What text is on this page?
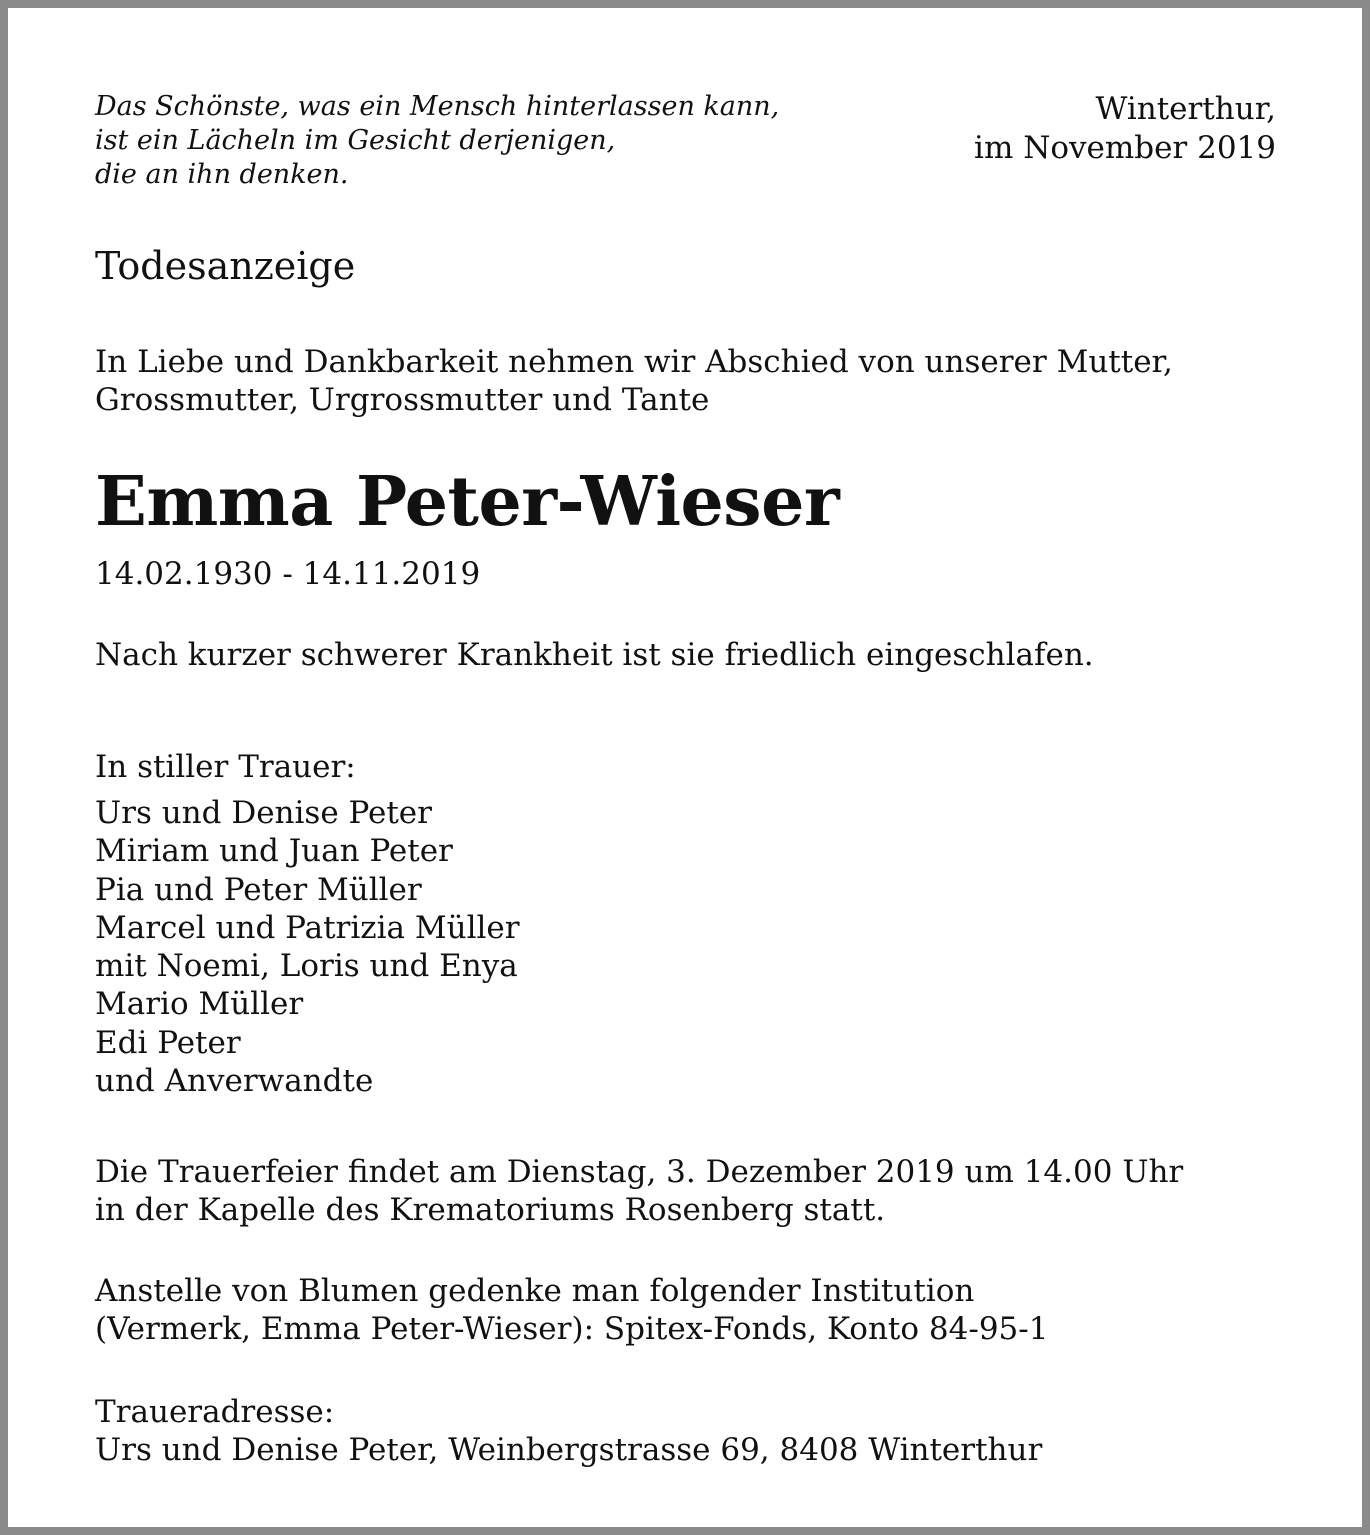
Das Schönste, was ein Mensch hinterlassen kann,
ist ein Lächeln im Gesicht derjenigen,
die an ihn denken.
Winterthur,
im November 2019
Todesanzeige
In Liebe und Dankbarkeit nehmen wir Abschied von unserer Mutter,
Grossmutter, Urgrossmutter und Tante
Emma Peter-Wieser
14.02.1930 - 14.11.2019
Nach kurzer schwerer Krankheit ist sie friedlich eingeschlafen.
In stiller Trauer:
Urs und Denise Peter
Miriam und Juan Peter
Pia und Peter Müller
Marcel und Patrizia Müller
mit Noemi, Loris und Enya
Mario Müller
Edi Peter
und Anverwandte
Die Trauerfeier findet am Dienstag, 3. Dezember 2019 um 14.00 Uhr
in der Kapelle des Krematoriums Rosenberg statt.
Anstelle von Blumen gedenke man folgender Institution
(Vermerk, Emma Peter-Wieser): Spitex-Fonds, Konto 84-95-1
Traueradresse:
Urs und Denise Peter, Weinbergstrasse 69, 8408 Winterthur
